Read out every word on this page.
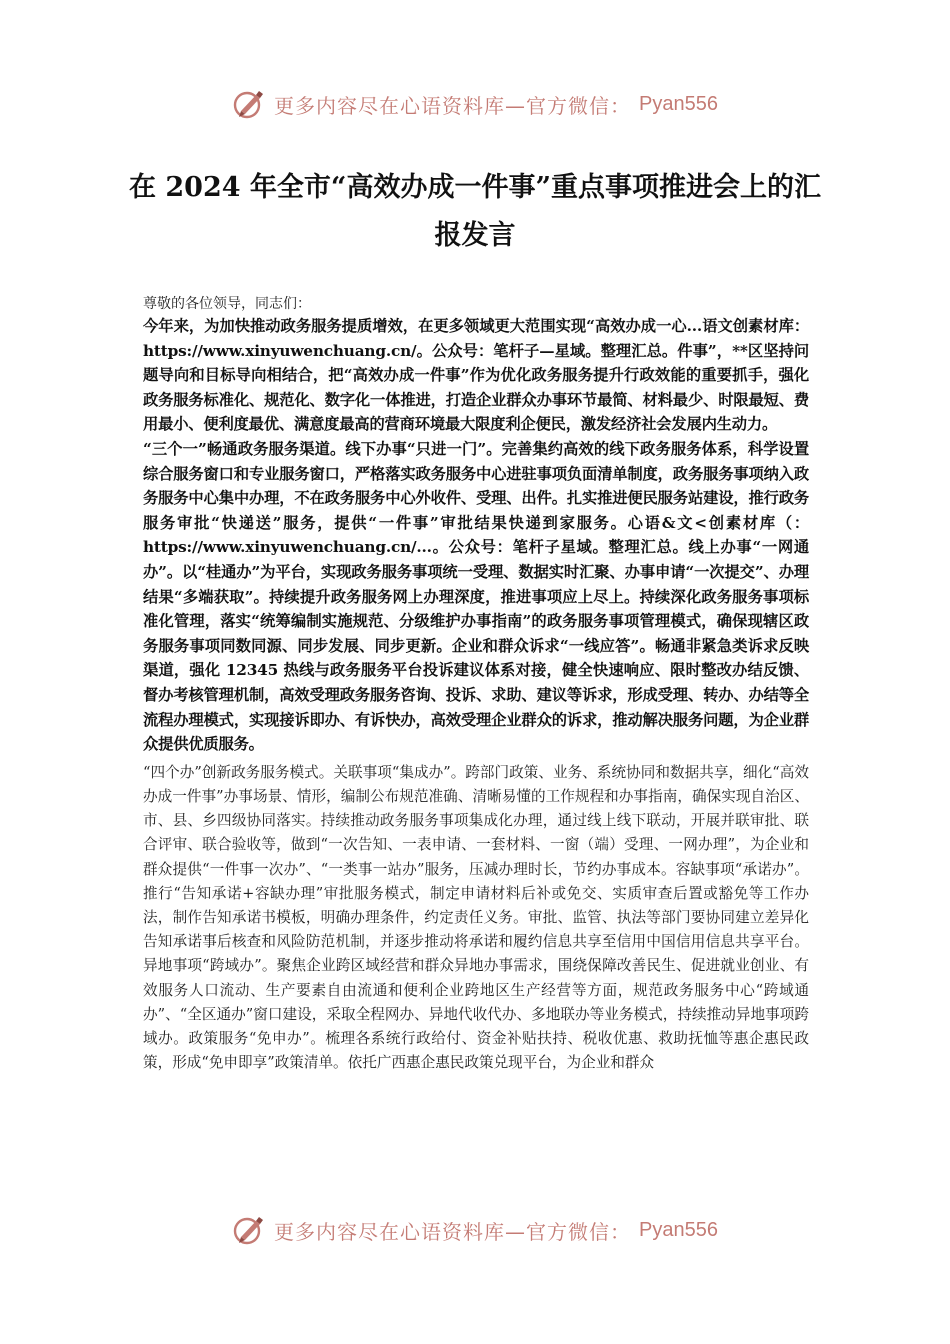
更多内容尽在心语资料库—官方微信： Pyan556
在 2024 年全市“高效办成一件事”重点事项推进会上的汇报发言

尊敬的各位领导，同志们：

今年来，为加快推动政务服务提质增效，在更多领域更大范围实现“高效办成一心...语文创素材库：https://www.xinyuwenchuang.cn/。公众号：笔杆子—星域。整理汇总。件事”，**区坚持问题导向和目标导向相结合，把“高效办成一件事”作为优化政务服务提升行政效能的重要抓手，强化政务服务标准化、规范化、数字化一体推进，打造企业群众办事环节最简、材料最少、时限最短、费用最小、便利度最优、满意度最高的营商环境最大限度利企便民，激发经济社会发展内生动力。

“三个一”畅通政务服务渠道。线下办事“只进一门”。完善集约高效的线下政务服务体系，科学设置综合服务窗口和专业服务窗口，严格落实政务服务中心进驻事项负面清单制度，政务服务事项纳入政务服务中心集中办理，不在政务服务中心外收件、受理、出件。扎实推进便民服务站建设，推行政务服务审批“快递送”服务，提供“一件事”审批结果快递到家服务。心语&文<创素材库（：https://www.xinyuwenchuang.cn/...。公众号：笔杆子星域。整理汇总。线上办事“一网通办”。以“桂通办”为平台，实现政务服务事项统一受理、数据实时汇聚、办事申请“一次提交”、办理结果“多端获取”。持续提升政务服务网上办理深度，推进事项应上尽上。持续深化政务服务事项标准化管理，落实“统筹编制实施规范、分级维护办事指南”的政务服务事项管理模式，确保现辖区政务服务事项同数同源、同步发展、同步更新。企业和群众诉求“一线应答”。畅通非紧急类诉求反映渠道，强化 12345 热线与政务服务平台投诉建议体系对接，健全快速响应、限时整改办结反馈、督办考核管理机制，高效受理政务服务咨询、投诉、求助、建议等诉求，形成受理、转办、办结等全流程办理模式，实现接诉即办、有诉快办，高效受理企业群众的诉求，推动解决服务问题，为企业群众提供优质服务。

“四个办”创新政务服务模式。关联事项“集成办”。跨部门政策、业务、系统协同和数据共享，细化“高效办成一件事”办事场景、情形，编制公布规范准确、清晰易懂的工作规程和办事指南，确保实现自治区、市、县、乡四级协同落实。持续推动政务服务事项集成化办理，通过线上线下联动，开展并联审批、联合评审、联合验收等，做到“一次告知、一表申请、一套材料、一窗（端）受理、一网办理”，为企业和群众提供“一件事一次办”、“一类事一站办”服务，压减办理时长，节约办事成本。容缺事项“承诺办”。推行“告知承诺+容缺办理”审批服务模式，制定申请材料后补或免交、实质审查后置或豁免等工作办法，制作告知承诺书模板，明确办理条件，约定责任义务。审批、监管、执法等部门要协同建立差异化告知承诺事后核查和风险防范机制，并逐步推动将承诺和履约信息共享至信用中国信用信息共享平台。异地事项“跨域办”。聚焦企业跨区域经营和群众异地办事需求，围绕保障改善民生、促进就业创业、有效服务人口流动、生产要素自由流通和便利企业跨地区生产经营等方面，规范政务服务中心“跨域通办”、“全区通办”窗口建设，采取全程网办、异地代收代办、多地联办等业务模式，持续推动异地事项跨域办。政策服务“免申办”。梳理各系统行政给付、资金补贴扶持、税收优惠、救助抚恤等惠企惠民政策，形成“免申即享”政策清单。依托广西惠企惠民政策兑现平台，为企业和群众

更多内容尽在心语资料库—官方微信： Pyan556
